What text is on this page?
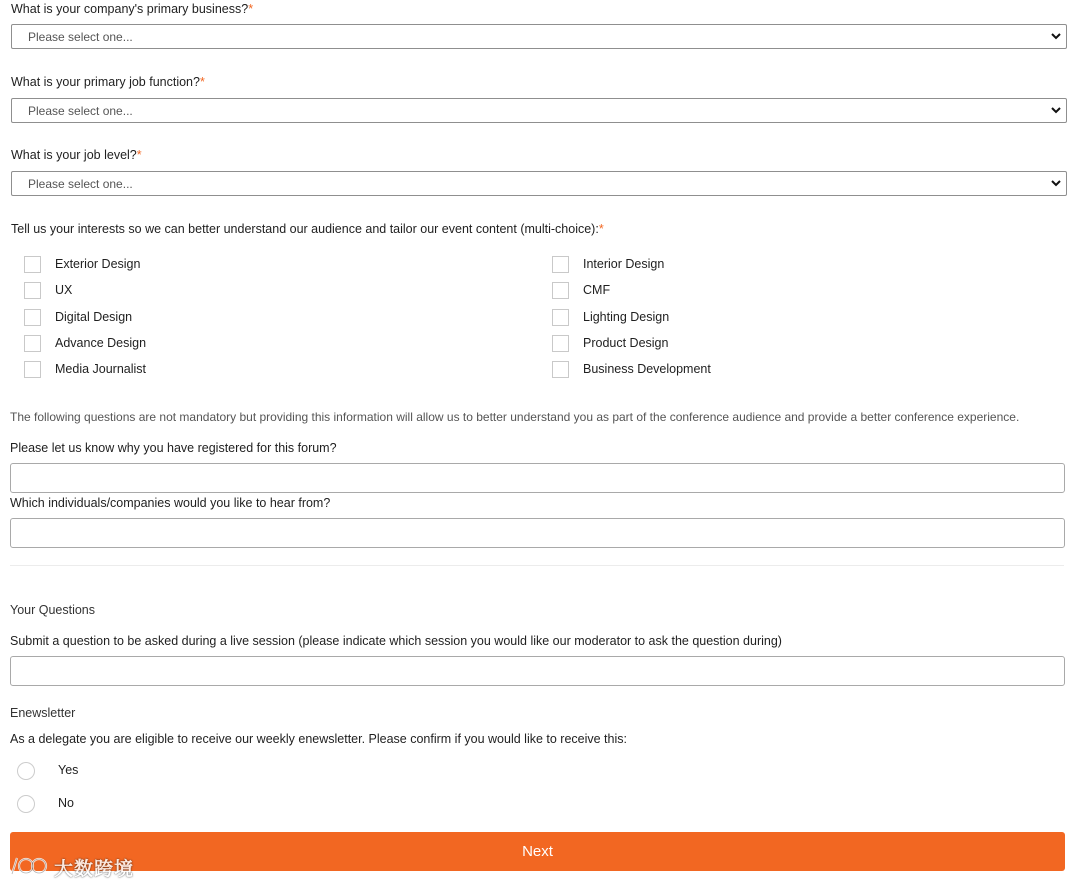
What is your company's primary business?*
Please select one...
What is your primary job function?*
Please select one...
What is your job level?*
Please select one...
Tell us your interests so we can better understand our audience and tailor our event content (multi-choice):*
Exterior Design
UX
Digital Design
Advance Design
Media Journalist
Interior Design
CMF
Lighting Design
Product Design
Business Development
The following questions are not mandatory but providing this information will allow us to better understand you as part of the conference audience and provide a better conference experience.
Please let us know why you have registered for this forum?
Which individuals/companies would you like to hear from?
Your Questions
Submit a question to be asked during a live session (please indicate which session you would like our moderator to ask the question during)
Enewsletter
As a delegate you are eligible to receive our weekly enewsletter. Please confirm if you would like to receive this:
Yes
No
Next
大数跨境
